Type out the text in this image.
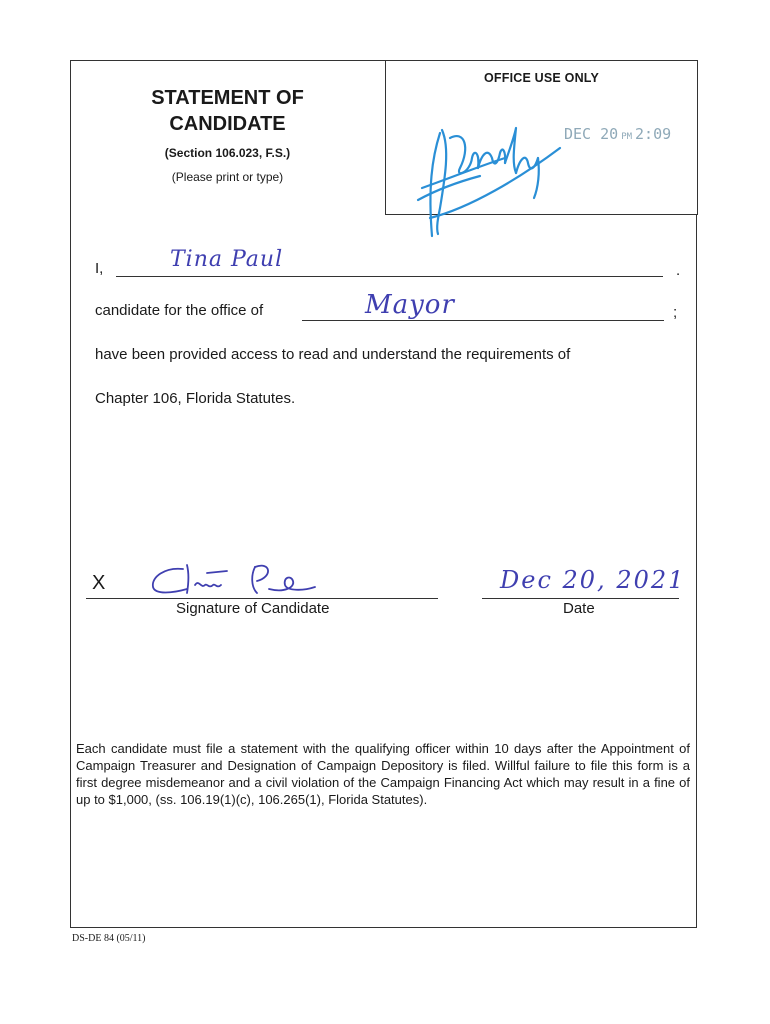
OFFICE USE ONLY
DEC 20 PM 2:09
STATEMENT OF
CANDIDATE
(Section 106.023, F.S.)
(Please print or type)
I,	Tina Paul	.
candidate for the office of	Mayor	;
have been provided access to read and understand the requirements of
Chapter 106, Florida Statutes.
X
Signature of Candidate
Dec 20, 2021
Date
Each candidate must file a statement with the qualifying officer within 10 days after the Appointment of Campaign Treasurer and Designation of Campaign Depository is filed. Willful failure to file this form is a first degree misdemeanor and a civil violation of the Campaign Financing Act which may result in a fine of up to $1,000, (ss. 106.19(1)(c), 106.265(1), Florida Statutes).
DS-DE 84 (05/11)
